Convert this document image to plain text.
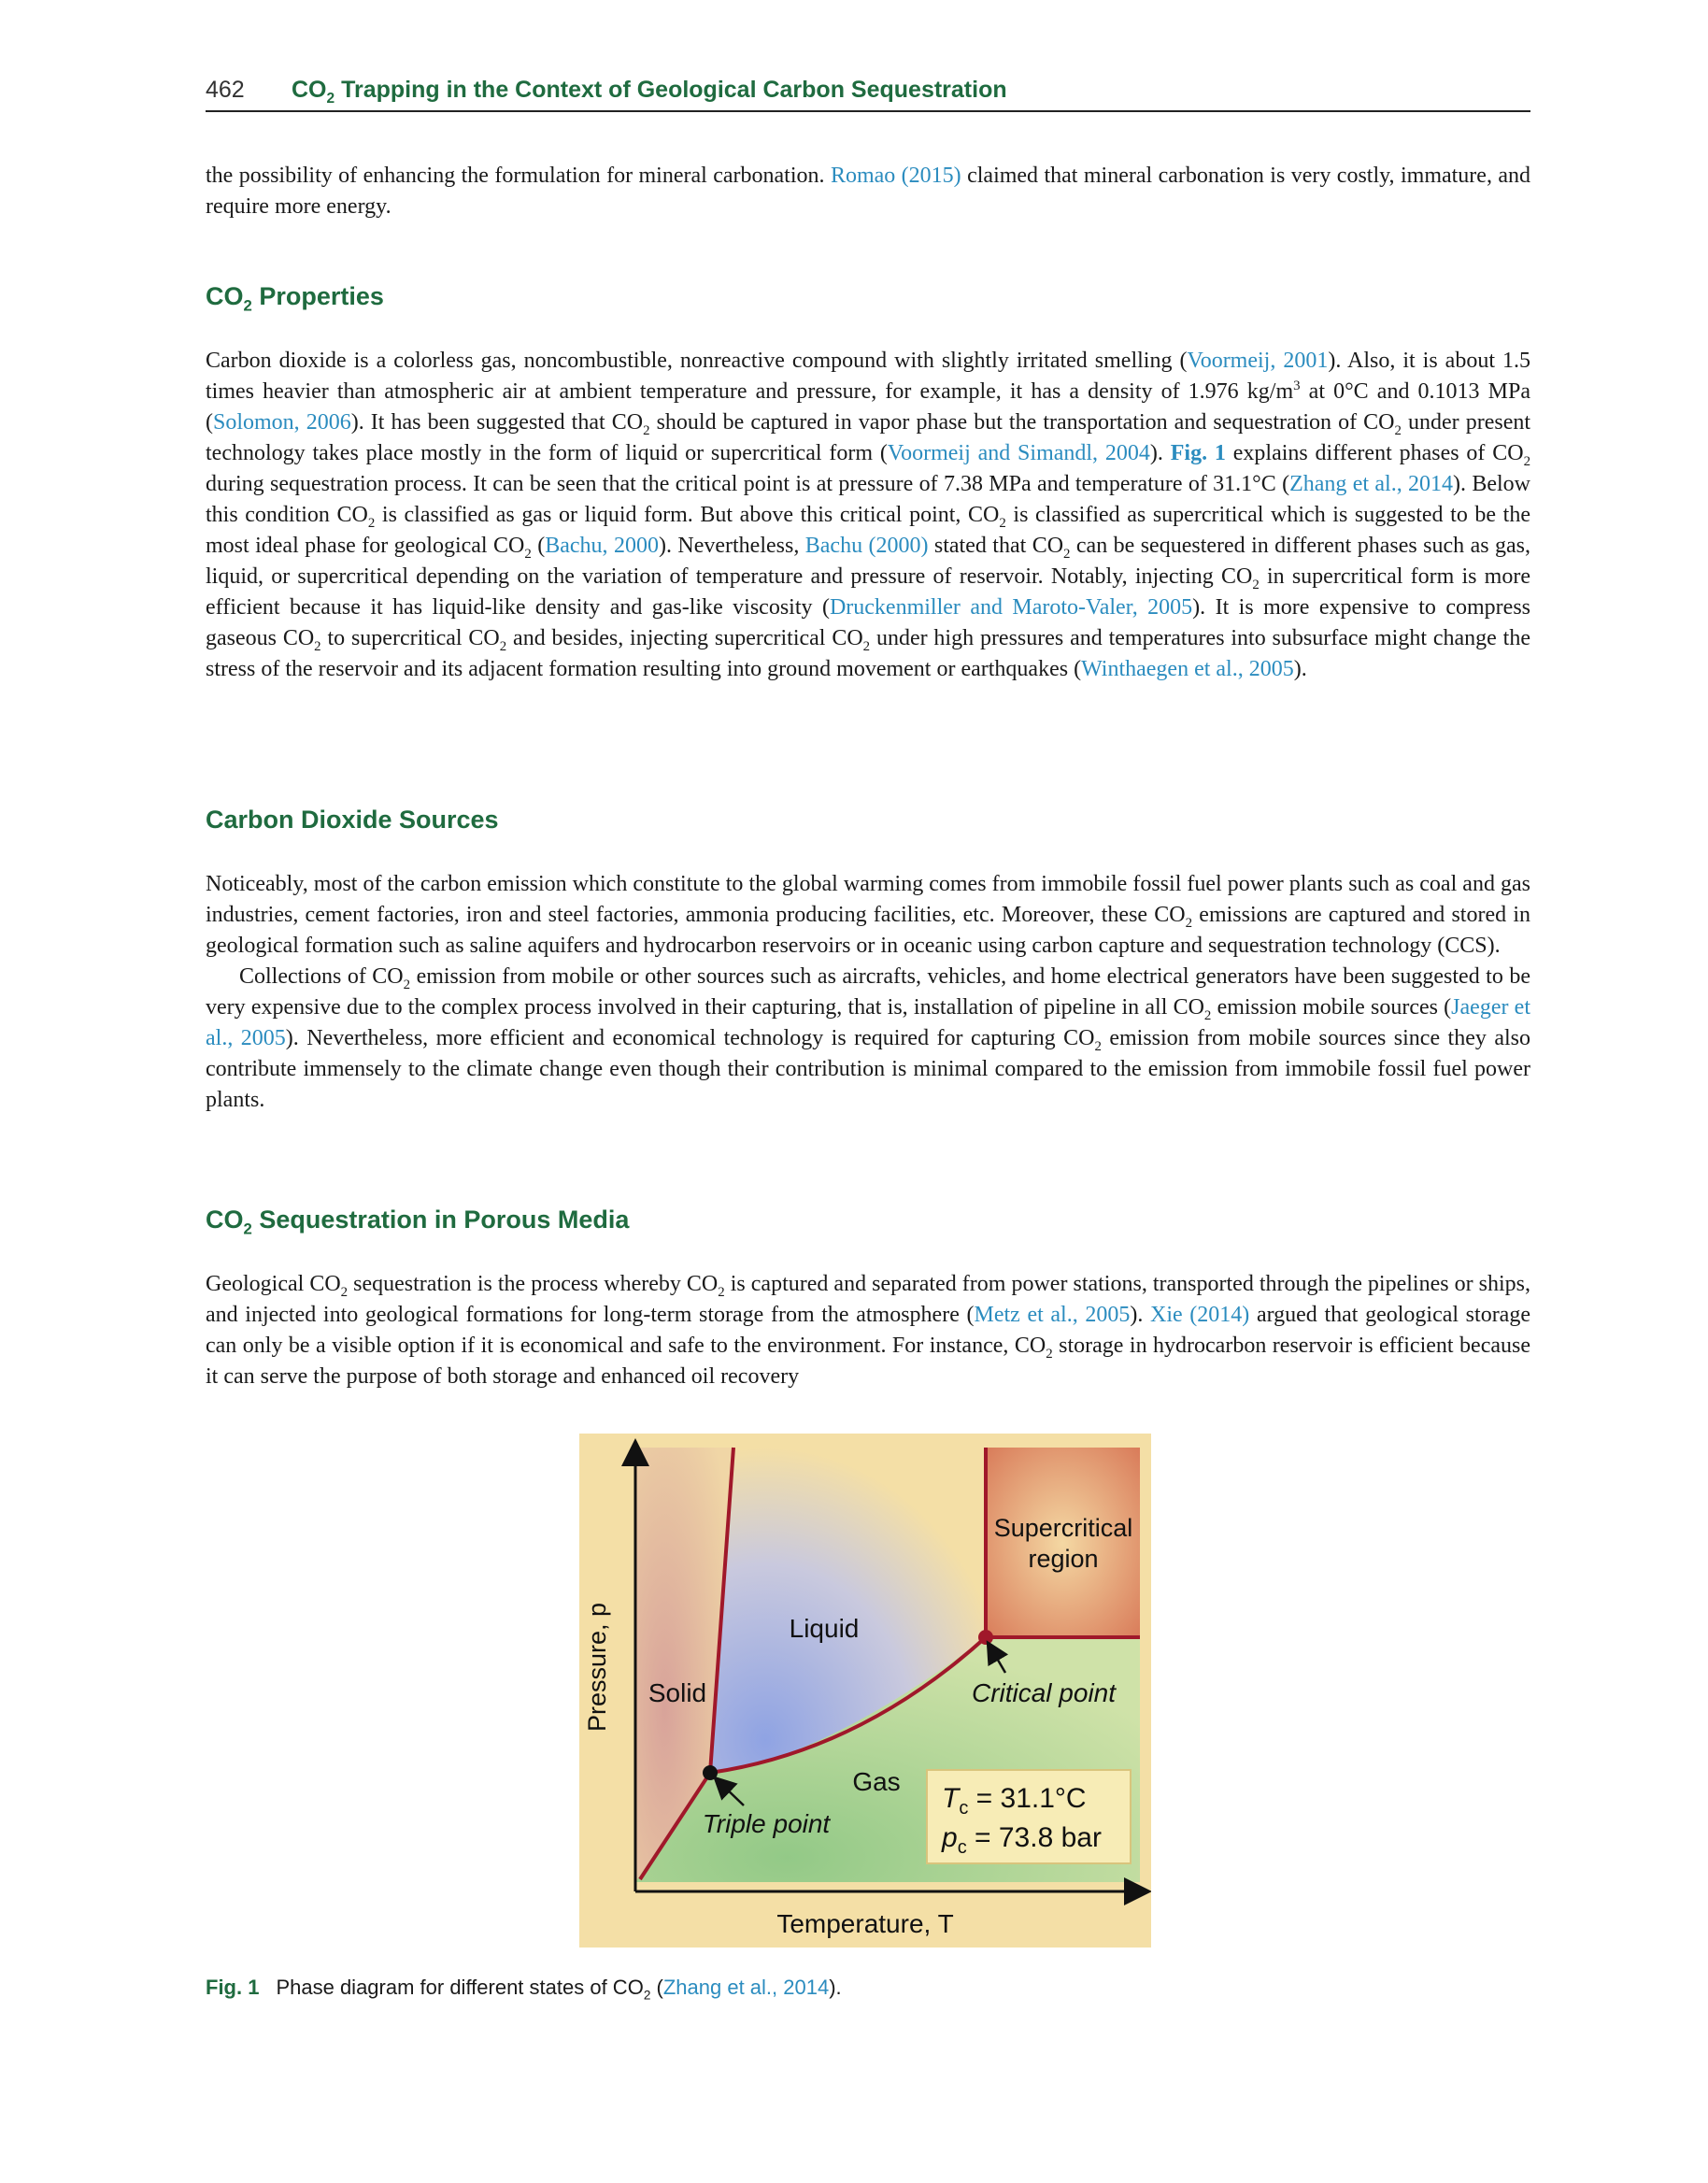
462 $CO_2$ Trapping in the Context of Geological Carbon Sequestration

the possibility of enhancing the formulation for mineral carbonation. Romao (2015) claimed that mineral carbonation is very costly, immature, and require more energy.

$CO_2$ Properties

Carbon dioxide is a colorless gas, noncombustible, nonreactive compound with slightly irritated smelling (Voormeij, 2001). Also, it is about 1.5 times heavier than atmospheric air at ambient temperature and pressure, for example, it has a density of 1.976 $kg/m^3$ at 0°C and 0.1013 MPa (Solomon, 2006). It has been suggested that $CO_2$ should be captured in vapor phase but the transportation and sequestration of $CO_2$ under present technology takes place mostly in the form of liquid or supercritical form (Voormeij and Simandl, 2004). Fig. 1 explains different phases of $CO_2$ during sequestration process. It can be seen that the critical point is at pressure of 7.38 MPa and temperature of 31.1°C (Zhang et al., 2014). Below this condition $CO_2$ is classified as gas or liquid form. But above this critical point, $CO_2$ is classified as supercritical which is suggested to be the most ideal phase for geological $CO_2$ (Bachu, 2000). Nevertheless, Bachu (2000) stated that $CO_2$ can be sequestered in different phases such as gas, liquid, or supercritical depending on the variation of temperature and pressure of reservoir. Notably, injecting $CO_2$ in supercritical form is more efficient because it has liquid-like density and gas-like viscosity (Druckenmiller and Maroto-Valer, 2005). It is more expensive to compress gaseous $CO_2$ to supercritical $CO_2$ and besides, injecting supercritical $CO_2$ under high pressures and temperatures into subsurface might change the stress of the reservoir and its adjacent formation resulting into ground movement or earthquakes (Winthaegen et al., 2005).

Carbon Dioxide Sources

Noticeably, most of the carbon emission which constitute to the global warming comes from immobile fossil fuel power plants such as coal and gas industries, cement factories, iron and steel factories, ammonia producing facilities, etc. Moreover, these $CO_2$ emissions are captured and stored in geological formation such as saline aquifers and hydrocarbon reservoirs or in oceanic using carbon capture and sequestration technology (CCS).

Collections of $CO_2$ emission from mobile or other sources such as aircrafts, vehicles, and home electrical generators have been suggested to be very expensive due to the complex process involved in their capturing, that is, installation of pipeline in all $CO_2$ emission mobile sources (Jaeger et al., 2005). Nevertheless, more efficient and economical technology is required for capturing $CO_2$ emission from mobile sources since they also contribute immensely to the climate change even though their contribution is minimal compared to the emission from immobile fossil fuel power plants.

$CO_2$ Sequestration in Porous Media

Geological $CO_2$ sequestration is the process whereby $CO_2$ is captured and separated from power stations, transported through the pipelines or ships, and injected into geological formations for long-term storage from the atmosphere (Metz et al., 2005). Xie (2014) argued that geological storage can only be a visible option if it is economical and safe to the environment. For instance, $CO_2$ storage in hydrocarbon reservoir is efficient because it can serve the purpose of both storage and enhanced oil recovery

Supercritical
region
Liquid
Solid
Gas
Critical point
Triple point
Pressure, p
Temperature, T
$T_c = 31.1^\circ C$
$p_c = 73.8$ bar
Fig. 1 Phase diagram for different states of $CO_2$ (Zhang et al., 2014).
